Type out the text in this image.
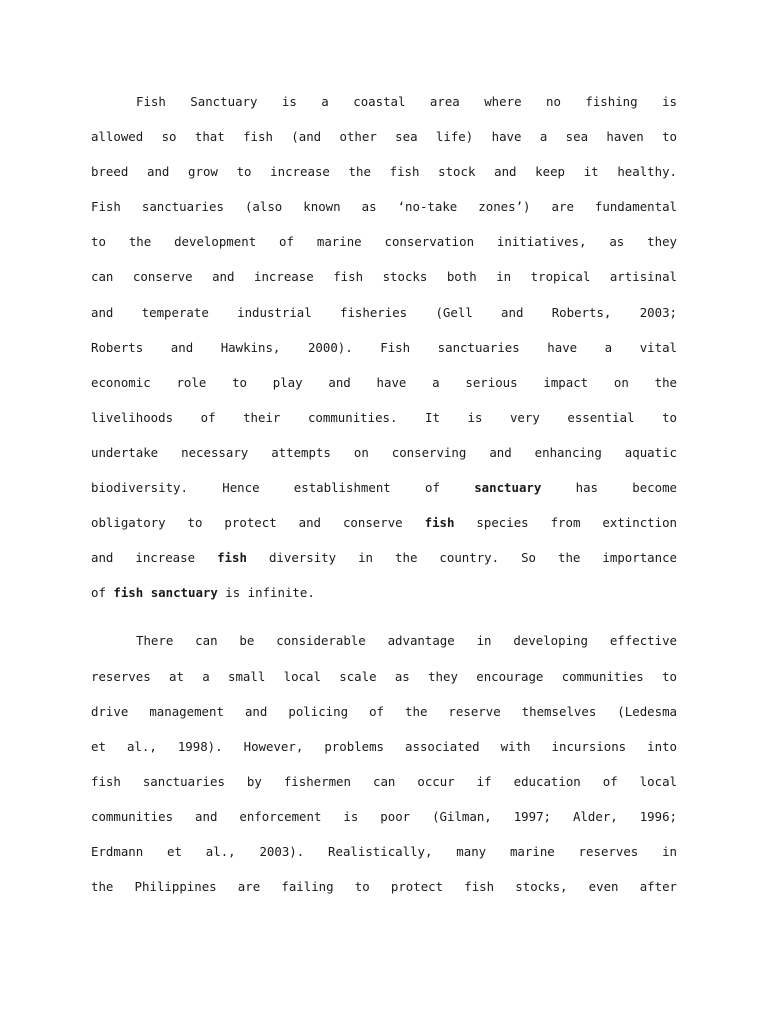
Fish Sanctuary is a coastal area where no fishing is
allowed so that fish (and other sea life) have a sea haven to
breed and grow to increase the fish stock and keep it healthy.
Fish sanctuaries (also known as ‘no-take zones’) are fundamental
to the development of marine conservation initiatives, as they
can conserve and increase fish stocks both in tropical artisinal
and temperate industrial fisheries (Gell and Roberts, 2003;
Roberts and Hawkins, 2000). Fish sanctuaries have a vital
economic role to play and have a serious impact on the
livelihoods of their communities. It is very essential to
undertake necessary attempts on conserving and enhancing aquatic
biodiversity. Hence establishment of	sanctuary	has become
obligatory to protect and conserve fish species from extinction
and increase fish diversity in the country. So the importance
of fish sanctuary is infinite.
There can be considerable advantage in developing effective
reserves at a small local scale as they encourage communities to
drive management and policing of the reserve themselves (Ledesma
et al., 1998). However, problems associated with incursions into
fish sanctuaries by fishermen can occur if education of local
communities and enforcement is poor (Gilman, 1997; Alder, 1996;
Erdmann et al., 2003). Realistically, many marine reserves in
the Philippines are failing to protect fish stocks, even after
